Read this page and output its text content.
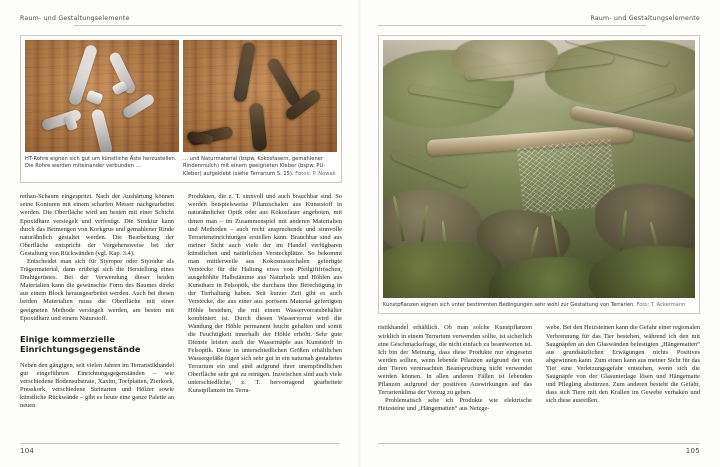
Raum- und Gestaltungselemente
HT-Rohre eignen sich gut um künstliche Äste herzustellen. Die Rohre werden miteinander verbunden ...
... und Naturmaterial (bspw. Kokosfasern, gemahlener Rindenmulch) mit einem geeigneten Kleber (bspw. PU-Kleber) aufgeklebt (siehe Terrarium S. 15). Fotos: P. Nowak

rethan-Schaum eingespritzt. Nach der Aushärtung können seine Konturen mit einem scharfen Messer nachgearbeitet werden. Die Oberfläche wird am besten mit einer Schicht Epoxidharz versiegelt und verfestigt. Die Struktur kann durch das Beimengen von Korkgrus und gemahlener Rinde naturähnlich gestaltet werden. Die Bearbeitung der Oberfläche entspricht der Vorgehensweise bei der Gestaltung von Rückwänden (vgl. Kap. 3.4).

Entscheidet man sich für Styropor oder Styrodur als Trägermaterial, dann erübrigt sich die Herstellung eines Drahtgerüstes. Bei der Verwendung dieser beiden Materialien kann die gewünschte Form des Baumes direkt aus einem Block herausgearbeitet werden. Auch bei diesen beiden Materialien muss die Oberfläche mit einer geeigneten Methode versiegelt werden, am besten mit Epoxidharz und einem Naturstoff.

Einige kommerzielle Einrichtungsgegenstände

Neben den gängigen, seit vielen Jahren im Terraristikhandel gut eingeführten Einrichtungsgegenständen – wie verschiedene Bodensubstrate, Xaxim, Torfplatten, Zierkork, Presskork, verschiedene Steinarten und Hölzer sowie künstliche Rückwände – gibt es heute eine ganze Palette an neuen

Produkten, die z. T. sinnvoll und auch brauchbar sind. So werden beispielsweise Pflanzschalen aus Kunststoff in naturähnlicher Optik oder aus Kokosfaser angeboten, mit denen man – im Zusammenspiel mit anderen Materialien und Methoden – auch recht ansprechende und sinnvolle Terrarieneinrichtungen erstellen kann. Brauchbar sind aus meiner Sicht auch viele der im Handel verfügbaren künstlichen und natürlichen Versteckplätze. So bekommt man mittlerweile aus Kokosnussschalen gefertigte Verstecke für die Haltung etwa von Pfeilgiftfröschen, ausgehöhlte Halbstämme aus Naturholz und Höhlen aus Kunstharz in Felsoptik, die durchaus ihre Berechtigung in der Tierhaltung haben. Seit kurzer Zeit gibt es auch Verstecke, die aus einer aus porösem Material gefertigten Höhle bestehen, die mit einem Wasservorratsbehälter kombiniert ist. Durch diesen Wasservorrat wird die Wandung der Höhle permanent feucht gehalten und somit die Feuchtigkeit innerhalb der Höhle erhöht. Sehr gute Dienste leisten auch die Wassernäpfe aus Kunststoff in Felsoptik. Diese in unterschiedlichen Größen erhältlichen Wassergefäße fügen sich sehr gut in ein naturnah gestaltetes Terrarium ein und sind aufgrund ihrer unempfindlichen Oberfläche sehr gut zu reinigen. Inzwischen sind auch viele unterschiedliche, z. T. hervorragend gearbeitete Kunstpflanzen im Terra-

104
Raum- und Gestaltungselemente
Kunstpflanzen eignen sich unter bestimmten Bedingungen sehr wohl zur Gestaltung von Terrarien. Foto: T. Ackermann

ristikhandel erhältlich. Ob man solche Kunstpflanzen wirklich in einem Terrarium verwenden sollte, ist sicherlich eine Geschmacksfrage, die nicht einfach zu beantworten ist. Ich bin der Meinung, dass diese Produkte nur eingesetzt werden sollten, wenn lebende Pflanzen aufgrund der von den Tieren verursachten Beanspruchung nicht verwendet werden können. In allen anderen Fällen ist lebenden Pflanzen aufgrund der positiven Auswirkungen auf das Terrarienklima der Vorzug zu geben.

Problematisch sehe ich Produkte wie elektrische Heizsteine und „Hängematten“ aus Netzge-

webe. Bei den Heizsteinen kann die Gefahr einer regionalen Verbrennung für das Tier bestehen, während ich den mit Saugnäpfen an den Glaswänden befestigten „Hängematten“ aus grundsätzlichen Erwägungen nichts Positives abgewinnen kann. Zum einen kann aus meiner Sicht für das Tier eine Verletzungsgefahr entstehen, wenn sich die Saugnäpfe von der Glasunterlage lösen und Hängematte und Pflegling abstürzen. Zum anderen besteht die Gefahr, dass sich Tiere mit den Krallen im Gewebe verhaken und sich diese ausreißen.

105
